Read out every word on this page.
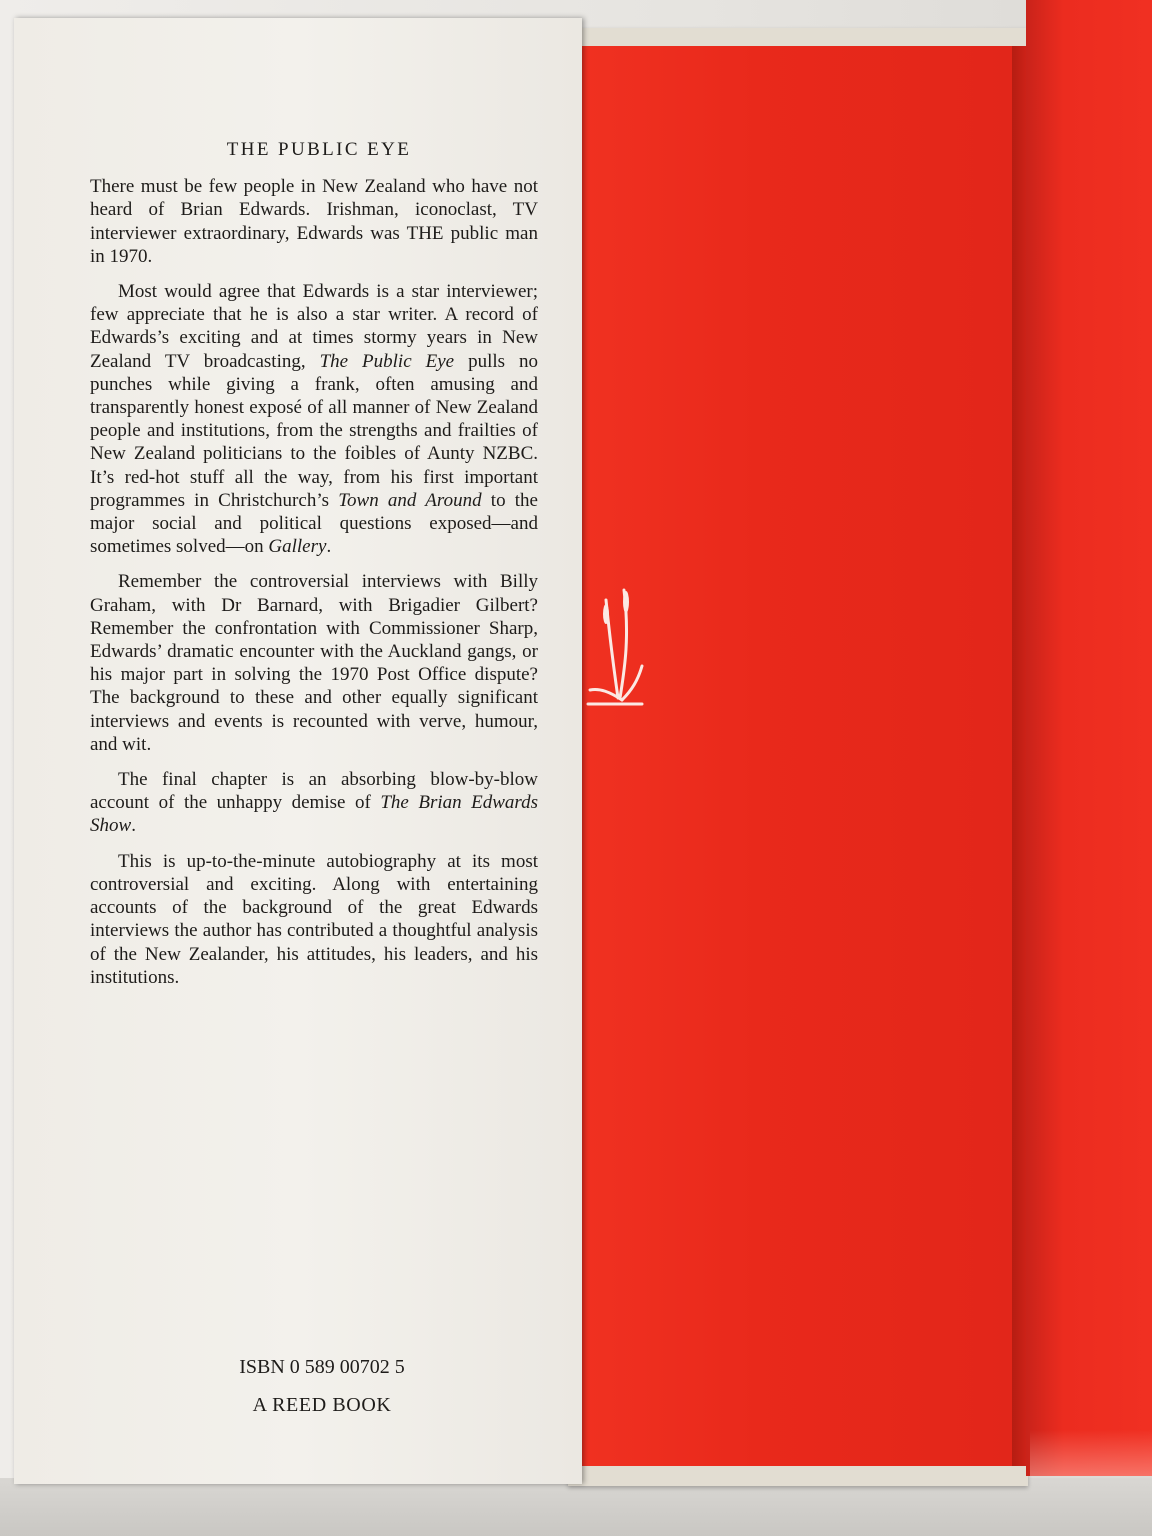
THE PUBLIC EYE

There must be few people in New Zealand who have not heard of Brian Edwards. Irishman, iconoclast, TV interviewer extraordinary, Edwards was THE public man in 1970.

Most would agree that Edwards is a star interviewer; few appreciate that he is also a star writer. A record of Edwards’s exciting and at times stormy years in New Zealand TV broadcasting, The Public Eye pulls no punches while giving a frank, often amusing and transparently honest exposé of all manner of New Zealand people and institutions, from the strengths and frailties of New Zealand politicians to the foibles of Aunty NZBC. It’s red-hot stuff all the way, from his first important programmes in Christchurch’s Town and Around to the major social and political questions exposed—and sometimes solved—on Gallery.

Remember the controversial interviews with Billy Graham, with Dr Barnard, with Brigadier Gilbert? Remember the confrontation with Commissioner Sharp, Edwards’ dramatic encounter with the Auckland gangs, or his major part in solving the 1970 Post Office dispute? The background to these and other equally significant interviews and events is recounted with verve, humour, and wit.

The final chapter is an absorbing blow-by-blow account of the unhappy demise of The Brian Edwards Show.

This is up-to-the-minute autobiography at its most controversial and exciting. Along with entertaining accounts of the background of the great Edwards interviews the author has contributed a thoughtful analysis of the New Zealander, his attitudes, his leaders, and his institutions.

ISBN 0 589 00702 5
A REED BOOK
